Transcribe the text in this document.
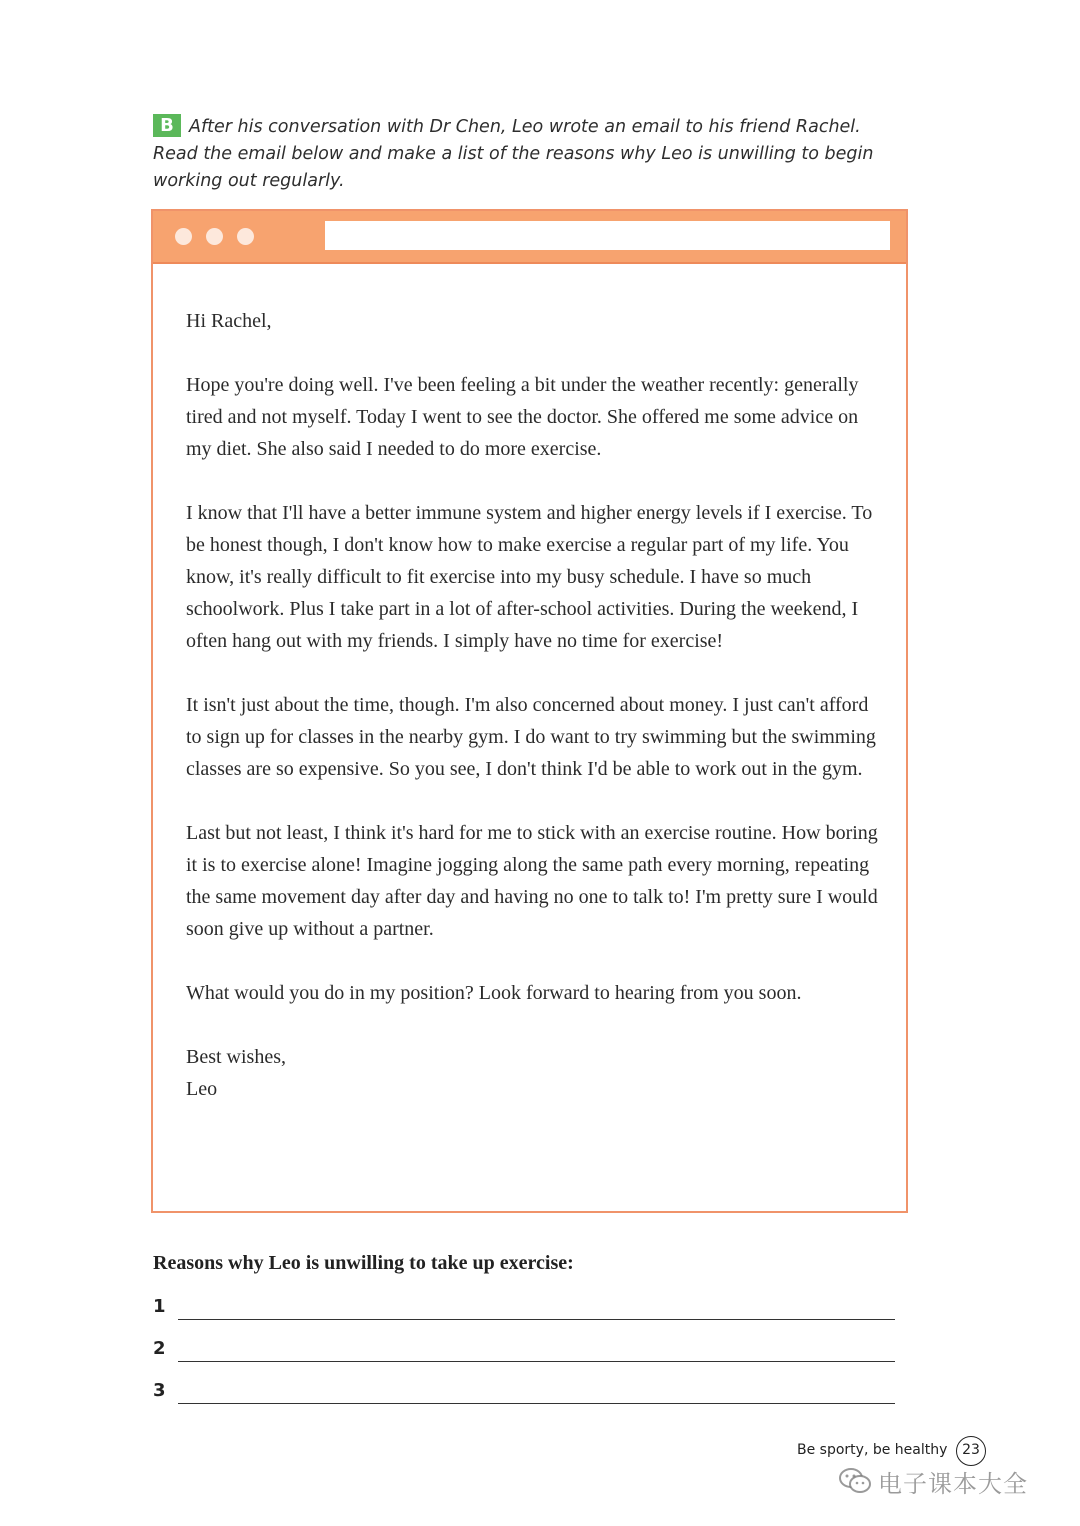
B After his conversation with Dr Chen, Leo wrote an email to his friend Rachel. Read the email below and make a list of the reasons why Leo is unwilling to begin working out regularly.

Hi Rachel,

Hope you're doing well. I've been feeling a bit under the weather recently: generally tired and not myself. Today I went to see the doctor. She offered me some advice on my diet. She also said I needed to do more exercise.

I know that I'll have a better immune system and higher energy levels if I exercise. To be honest though, I don't know how to make exercise a regular part of my life. You know, it's really difficult to fit exercise into my busy schedule. I have so much schoolwork. Plus I take part in a lot of after-school activities. During the weekend, I often hang out with my friends. I simply have no time for exercise!

It isn't just about the time, though. I'm also concerned about money. I just can't afford to sign up for classes in the nearby gym. I do want to try swimming but the swimming classes are so expensive. So you see, I don't think I'd be able to work out in the gym.

Last but not least, I think it's hard for me to stick with an exercise routine. How boring it is to exercise alone! Imagine jogging along the same path every morning, repeating the same movement day after day and having no one to talk to! I'm pretty sure I would soon give up without a partner.

What would you do in my position? Look forward to hearing from you soon.

Best wishes,

Leo

Reasons why Leo is unwilling to take up exercise:
1
2
3
Be sporty, be healthy	23
电子课本大全
